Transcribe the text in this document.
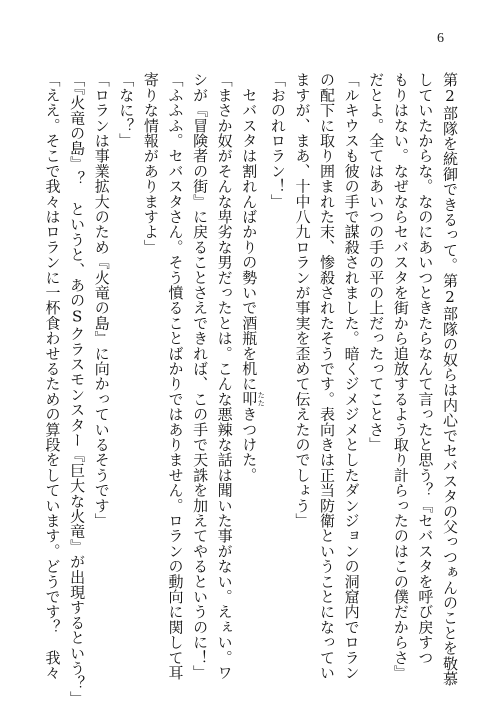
6
第2部隊を統御できるって。第2部隊の奴らは内心でセバスタの父っつぁんのことを敬慕
していたからな。なのにあいつときたらなんて言ったと思う？『セバスタを呼び戻すつ
もりはない。なぜならセバスタを街から追放するよう取り計らったのはこの僕だからさ』
だとよ。全てはあいつの手の平の上だったってことさ」
「ルキウスも彼の手で謀殺されました。暗くジメジメとしたダンジョンの洞窟内でロラン
の配下に取り囲まれた末、惨殺されたそうです。表向きは正当防衛ということになってい
ますが、まあ、十中八九ロランが事実を歪めて伝えたのでしょう」
「おのれロラン！」
　セバスタは割れんばかりの勢いで酒瓶を机に叩 たたきつけた。
「まさか奴がそんな卑劣な男だったとは。こんな悪辣な話は聞いた事がない。えぇい。ワ
シが『冒険者の街』に戻ることさえできれば、この手で天誅を加えてやるというのに！」
「ふふふ。セバスタさん。そう憤ることばかりではありません。ロランの動向に関して耳
寄りな情報がありますよ」
「なに？」
「ロランは事業拡大のため『火竜の島』に向かっているそうです」
「『火竜の島』？　というと、あのSクラスモンスター『巨大な火竜』が出現するという？」
「ええ。そこで我々はロランに一杯食わせるための算段をしています。どうです？　我々
